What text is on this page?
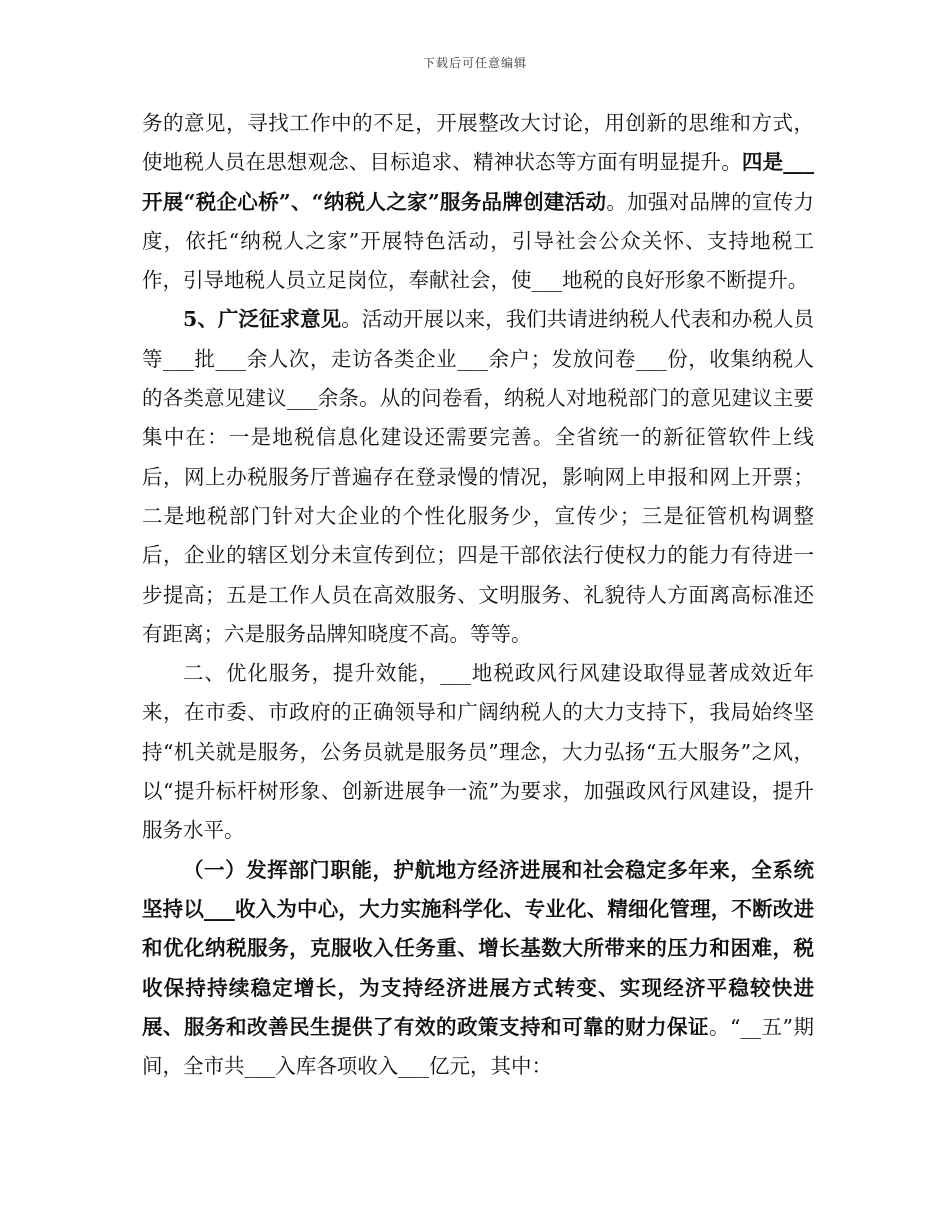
下载后可任意编辑

务的意见，寻找工作中的不足，开展整改大讨论，用创新的思维和方式，使地税人员在思想观念、目标追求、精神状态等方面有明显提升。四是___开展“税企心桥”、“纳税人之家”服务品牌创建活动。加强对品牌的宣传力度，依托“纳税人之家”开展特色活动，引导社会公众关怀、支持地税工作，引导地税人员立足岗位，奉献社会，使___地税的良好形象不断提升。

5、广泛征求意见。活动开展以来，我们共请进纳税人代表和办税人员等___批___余人次，走访各类企业___余户；发放问卷___份，收集纳税人的各类意见建议___余条。从的问卷看，纳税人对地税部门的意见建议主要集中在：一是地税信息化建设还需要完善。全省统一的新征管软件上线后，网上办税服务厅普遍存在登录慢的情况，影响网上申报和网上开票；二是地税部门针对大企业的个性化服务少，宣传少；三是征管机构调整后，企业的辖区划分未宣传到位；四是干部依法行使权力的能力有待进一步提高；五是工作人员在高效服务、文明服务、礼貌待人方面离高标准还有距离；六是服务品牌知晓度不高。等等。

二、优化服务，提升效能，___地税政风行风建设取得显著成效近年来，在市委、市政府的正确领导和广阔纳税人的大力支持下，我局始终坚持“机关就是服务，公务员就是服务员”理念，大力弘扬“五大服务”之风，以“提升标杆树形象、创新进展争一流”为要求，加强政风行风建设，提升服务水平。

（一）发挥部门职能，护航地方经济进展和社会稳定多年来，全系统坚持以___收入为中心，大力实施科学化、专业化、精细化管理，不断改进和优化纳税服务，克服收入任务重、增长基数大所带来的压力和困难，税收保持持续稳定增长，为支持经济进展方式转变、实现经济平稳较快进展、服务和改善民生提供了有效的政策支持和可靠的财力保证。“__五”期间，全市共___入库各项收入___亿元，其中：
